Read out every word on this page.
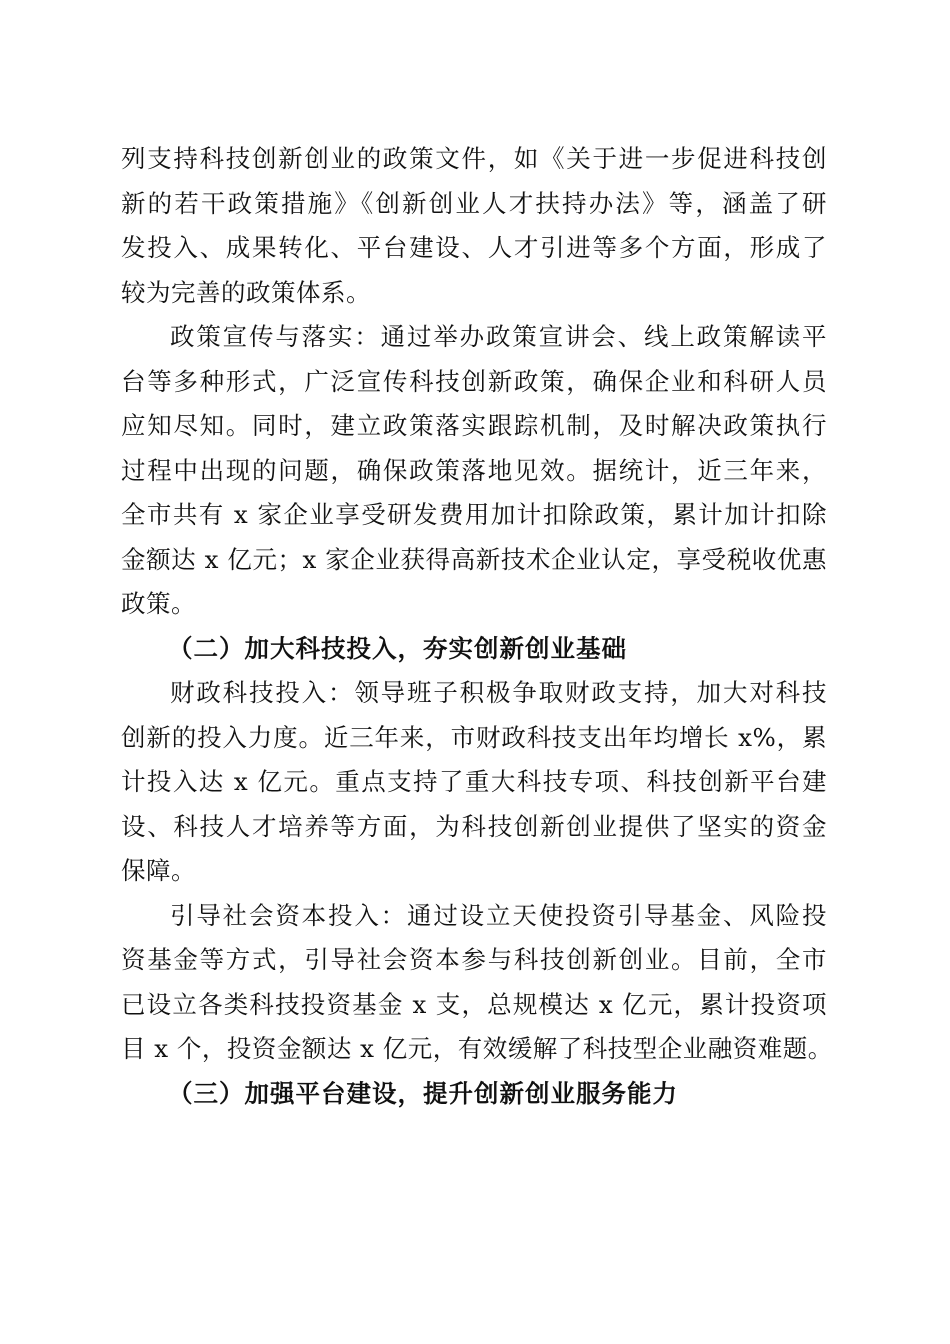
列支持科技创新创业的政策文件，如《关于进一步促进科技创
新的若干政策措施》《创新创业人才扶持办法》等，涵盖了研
发投入、成果转化、平台建设、人才引进等多个方面，形成了
较为完善的政策体系。
政策宣传与落实：通过举办政策宣讲会、线上政策解读平
台等多种形式，广泛宣传科技创新政策，确保企业和科研人员
应知尽知。同时，建立政策落实跟踪机制，及时解决政策执行
过程中出现的问题，确保政策落地见效。据统计，近三年来，
全市共有 x 家企业享受研发费用加计扣除政策，累计加计扣除
金额达 x 亿元；x 家企业获得高新技术企业认定，享受税收优惠
政策。
（二）加大科技投入，夯实创新创业基础
财政科技投入：领导班子积极争取财政支持，加大对科技
创新的投入力度。近三年来，市财政科技支出年均增长 x%，累
计投入达 x 亿元。重点支持了重大科技专项、科技创新平台建
设、科技人才培养等方面，为科技创新创业提供了坚实的资金
保障。
引导社会资本投入：通过设立天使投资引导基金、风险投
资基金等方式，引导社会资本参与科技创新创业。目前，全市
已设立各类科技投资基金 x 支，总规模达 x 亿元，累计投资项
目 x 个，投资金额达 x 亿元，有效缓解了科技型企业融资难题。
（三）加强平台建设，提升创新创业服务能力
